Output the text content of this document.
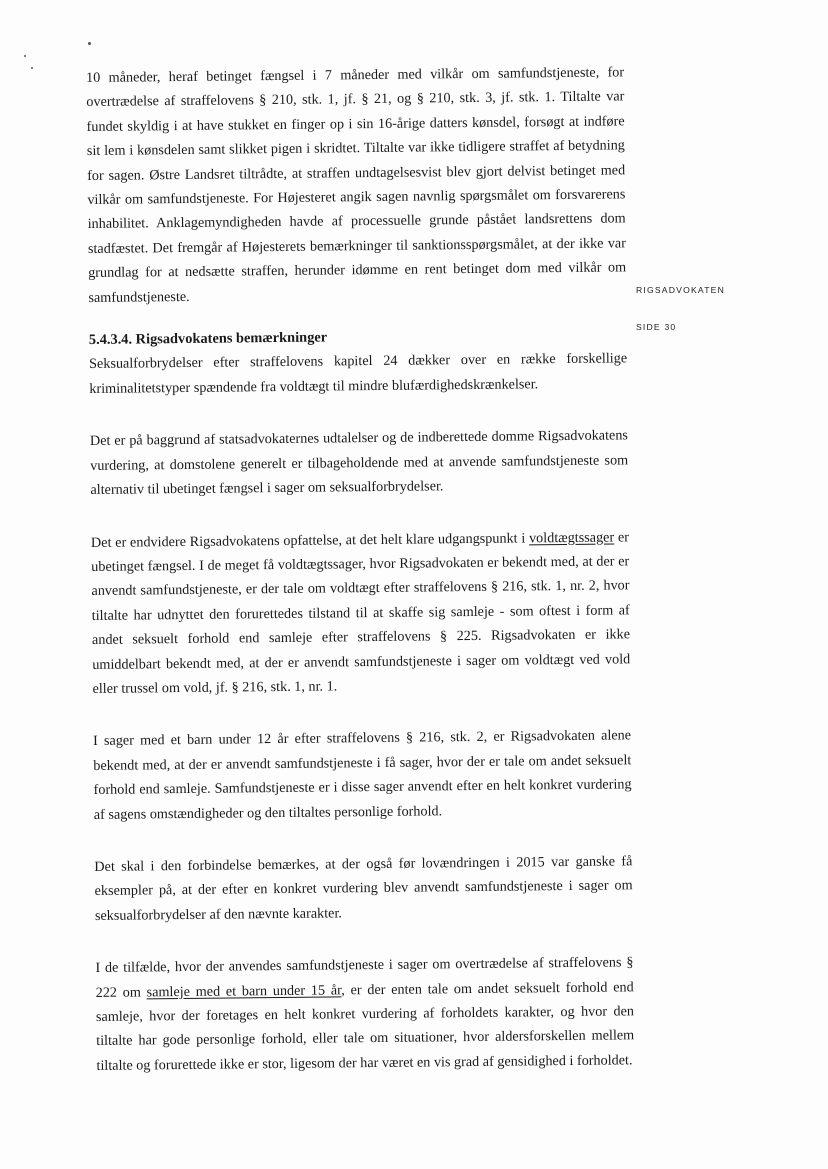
RIGSADVOKATEN
SIDE 30

10 måneder, heraf betinget fængsel i 7 måneder med vilkår om samfundstjeneste, for overtrædelse af straffelovens § 210, stk. 1, jf. § 21, og § 210, stk. 3, jf. stk. 1. Tiltalte var fundet skyldig i at have stukket en finger op i sin 16-årige datters kønsdel, forsøgt at indføre sit lem i kønsdelen samt slikket pigen i skridtet. Tiltalte var ikke tidligere straffet af betydning for sagen. Østre Landsret tiltrådte, at straffen undtagelsesvist blev gjort delvist betinget med vilkår om samfundstjeneste. For Højesteret angik sagen navnlig spørgsmålet om forsvarerens inhabilitet. Anklagemyndigheden havde af processuelle grunde påstået landsrettens dom stadfæstet. Det fremgår af Højesterets bemærkninger til sanktionsspørgsmålet, at der ikke var grundlag for at nedsætte straffen, herunder idømme en rent betinget dom med vilkår om samfundstjeneste.

5.4.3.4. Rigsadvokatens bemærkninger

Seksualforbrydelser efter straffelovens kapitel 24 dækker over en række forskellige kriminalitetstyper spændende fra voldtægt til mindre blufærdighedskrænkelser.

Det er på baggrund af statsadvokaternes udtalelser og de indberettede domme Rigsadvokatens vurdering, at domstolene generelt er tilbageholdende med at anvende samfundstjeneste som alternativ til ubetinget fængsel i sager om seksualforbrydelser.

Det er endvidere Rigsadvokatens opfattelse, at det helt klare udgangspunkt i voldtægtssager er ubetinget fængsel. I de meget få voldtægtssager, hvor Rigsadvokaten er bekendt med, at der er anvendt samfundstjeneste, er der tale om voldtægt efter straffelovens § 216, stk. 1, nr. 2, hvor tiltalte har udnyttet den forurettedes tilstand til at skaffe sig samleje - som oftest i form af andet seksuelt forhold end samleje efter straffelovens § 225. Rigsadvokaten er ikke umiddelbart bekendt med, at der er anvendt samfundstjeneste i sager om voldtægt ved vold eller trussel om vold, jf. § 216, stk. 1, nr. 1.

I sager med et barn under 12 år efter straffelovens § 216, stk. 2, er Rigsadvokaten alene bekendt med, at der er anvendt samfundstjeneste i få sager, hvor der er tale om andet seksuelt forhold end samleje. Samfundstjeneste er i disse sager anvendt efter en helt konkret vurdering af sagens omstændigheder og den tiltaltes personlige forhold.

Det skal i den forbindelse bemærkes, at der også før lovændringen i 2015 var ganske få eksempler på, at der efter en konkret vurdering blev anvendt samfundstjeneste i sager om seksualforbrydelser af den nævnte karakter.

I de tilfælde, hvor der anvendes samfundstjeneste i sager om overtrædelse af straffelovens § 222 om samleje med et barn under 15 år, er der enten tale om andet seksuelt forhold end samleje, hvor der foretages en helt konkret vurdering af forholdets karakter, og hvor den tiltalte har gode personlige forhold, eller tale om situationer, hvor aldersforskellen mellem tiltalte og forurettede ikke er stor, ligesom der har været en vis grad af gensidighed i forholdet.
